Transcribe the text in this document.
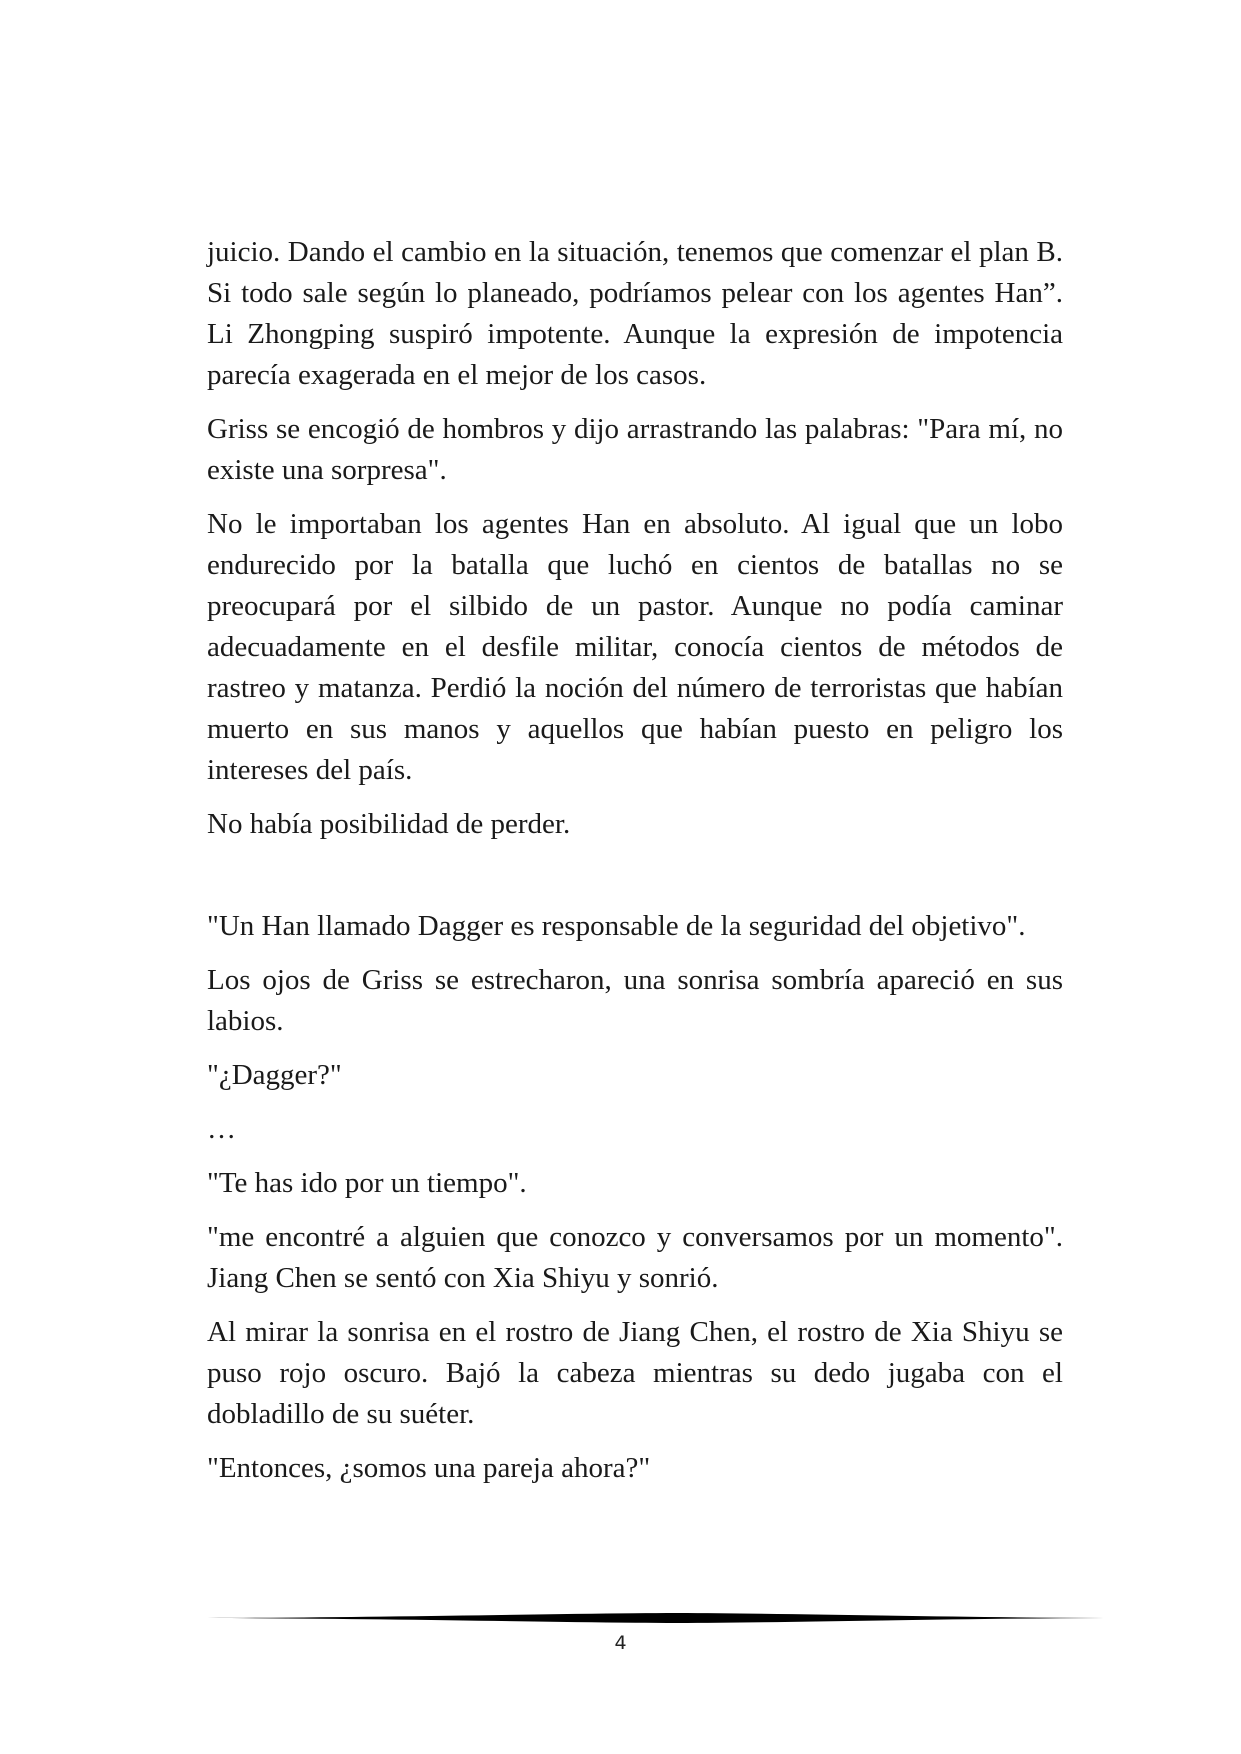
juicio. Dando el cambio en la situación, tenemos que comenzar el plan B. Si todo sale según lo planeado, podríamos pelear con los agentes Han”. Li Zhongping suspiró impotente. Aunque la expresión de impotencia parecía exagerada en el mejor de los casos.

Griss se encogió de hombros y dijo arrastrando las palabras: "Para mí, no existe una sorpresa".

No le importaban los agentes Han en absoluto. Al igual que un lobo endurecido por la batalla que luchó en cientos de batallas no se preocupará por el silbido de un pastor. Aunque no podía caminar adecuadamente en el desfile militar, conocía cientos de métodos de rastreo y matanza. Perdió la noción del número de terroristas que habían muerto en sus manos y aquellos que habían puesto en peligro los intereses del país.

No había posibilidad de perder.

"Un Han llamado Dagger es responsable de la seguridad del objetivo".

Los ojos de Griss se estrecharon, una sonrisa sombría apareció en sus labios.

"¿Dagger?"

…

"Te has ido por un tiempo".

"me encontré a alguien que conozco y conversamos por un momento". Jiang Chen se sentó con Xia Shiyu y sonrió.

Al mirar la sonrisa en el rostro de Jiang Chen, el rostro de Xia Shiyu se puso rojo oscuro. Bajó la cabeza mientras su dedo jugaba con el dobladillo de su suéter.

"Entonces, ¿somos una pareja ahora?"

4
